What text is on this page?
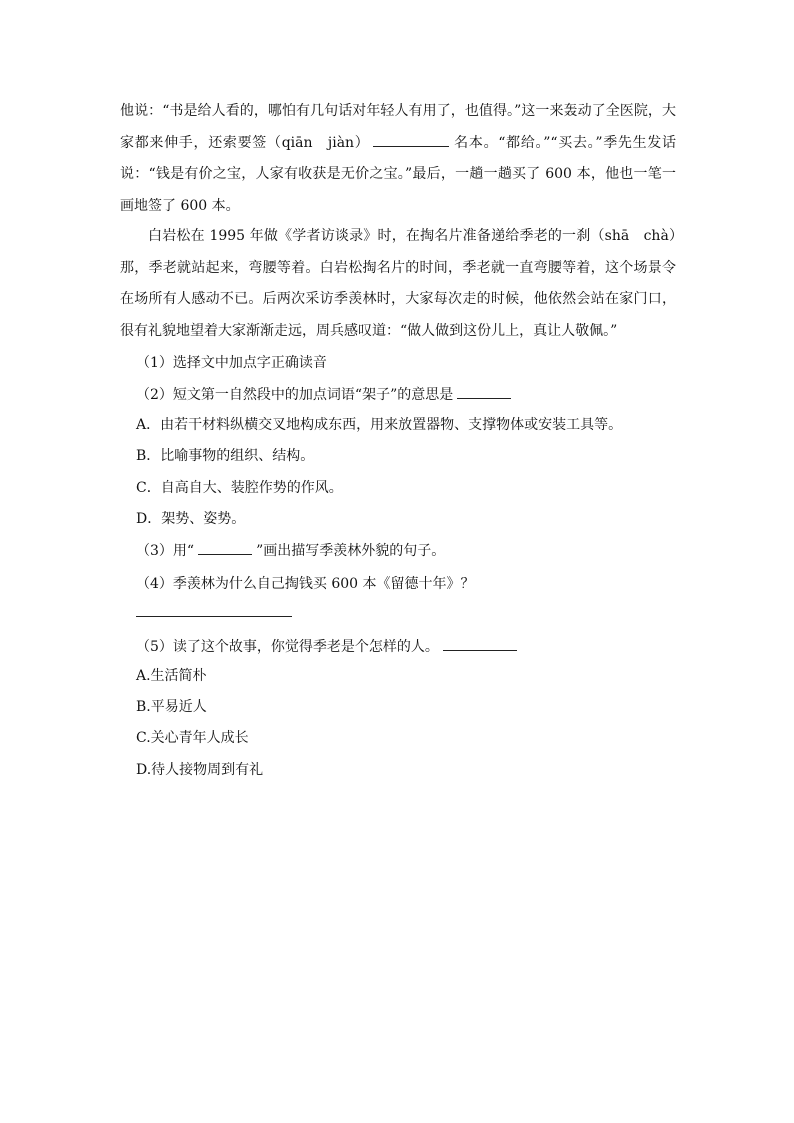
他说：“书是给人看的，哪怕有几句话对年轻人有用了，也值得。”这一来轰动了全医院，大家都来伸手，还索要签（qiān　jiàn）	名本。“都给。”“买去。”季先生发话说：“钱是有价之宝，人家有收获是无价之宝。”最后，一趟一趟买了 600 本，他也一笔一画地签了 600 本。

白岩松在 1995 年做《学者访谈录》时，在掏名片准备递给季老的一刹（shā　chà）那，季老就站起来，弯腰等着。白岩松掏名片的时间，季老就一直弯腰等着，这个场景令在场所有人感动不已。后两次采访季羡林时，大家每次走的时候，他依然会站在家门口，很有礼貌地望着大家渐渐走远，周兵感叹道：“做人做到这份儿上，真让人敬佩。”

（1）选择文中加点字正确读音

（2）短文第一自然段中的加点词语“架子”的意思是

A．由若干材料纵横交叉地构成东西，用来放置器物、支撑物体或安装工具等。

B．比喻事物的组织、结构。

C．自高自大、装腔作势的作风。

D．架势、姿势。

（3）用“	”画出描写季羡林外貌的句子。

（4）季羡林为什么自己掏钱买 600 本《留德十年》？

（5）读了这个故事，你觉得季老是个怎样的人。

A.生活简朴

B.平易近人

C.关心青年人成长

D.待人接物周到有礼
